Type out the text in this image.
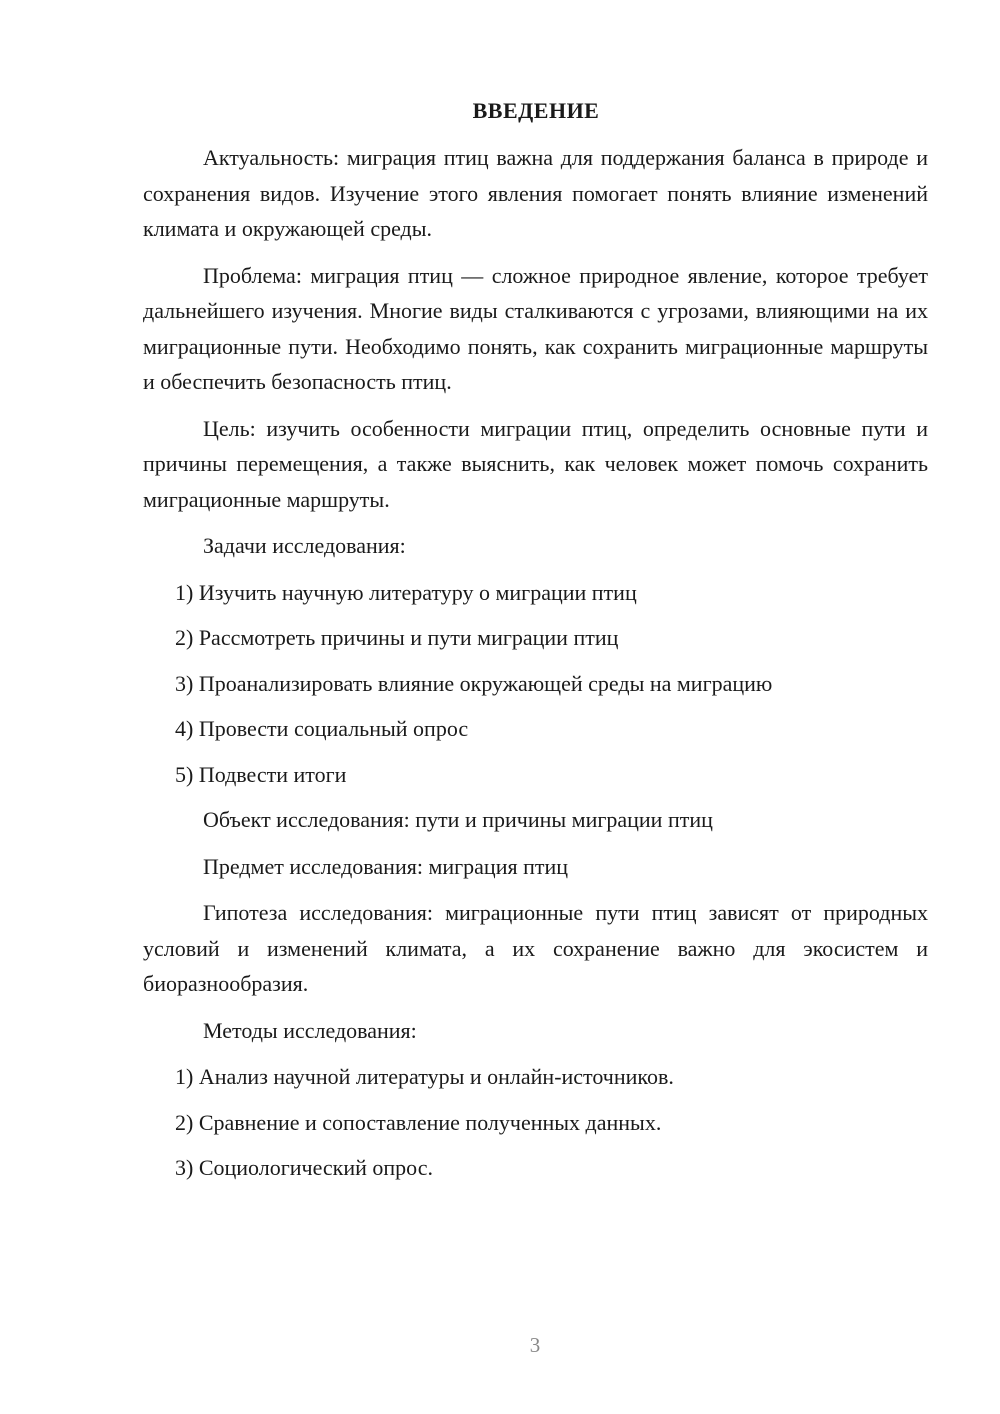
ВВЕДЕНИЕ

Актуальность: миграция птиц важна для поддержания баланса в природе и сохранения видов. Изучение этого явления помогает понять влияние изменений климата и окружающей среды.

Проблема: миграция птиц — сложное природное явление, которое требует дальнейшего изучения. Многие виды сталкиваются с угрозами, влияющими на их миграционные пути. Необходимо понять, как сохранить миграционные маршруты и обеспечить безопасность птиц.

Цель: изучить особенности миграции птиц, определить основные пути и причины перемещения, а также выяснить, как человек может помочь сохранить миграционные маршруты.

Задачи исследования:

1) Изучить научную литературу о миграции птиц
2) Рассмотреть причины и пути миграции птиц
3) Проанализировать влияние окружающей среды на миграцию
4) Провести социальный опрос
5) Подвести итоги

Объект исследования: пути и причины миграции птиц

Предмет исследования: миграция птиц

Гипотеза исследования: миграционные пути птиц зависят от природных условий и изменений климата, а их сохранение важно для экосистем и биоразнообразия.

Методы исследования:

1) Анализ научной литературы и онлайн-источников.
2) Сравнение и сопоставление полученных данных.
3) Социологический опрос.
3
